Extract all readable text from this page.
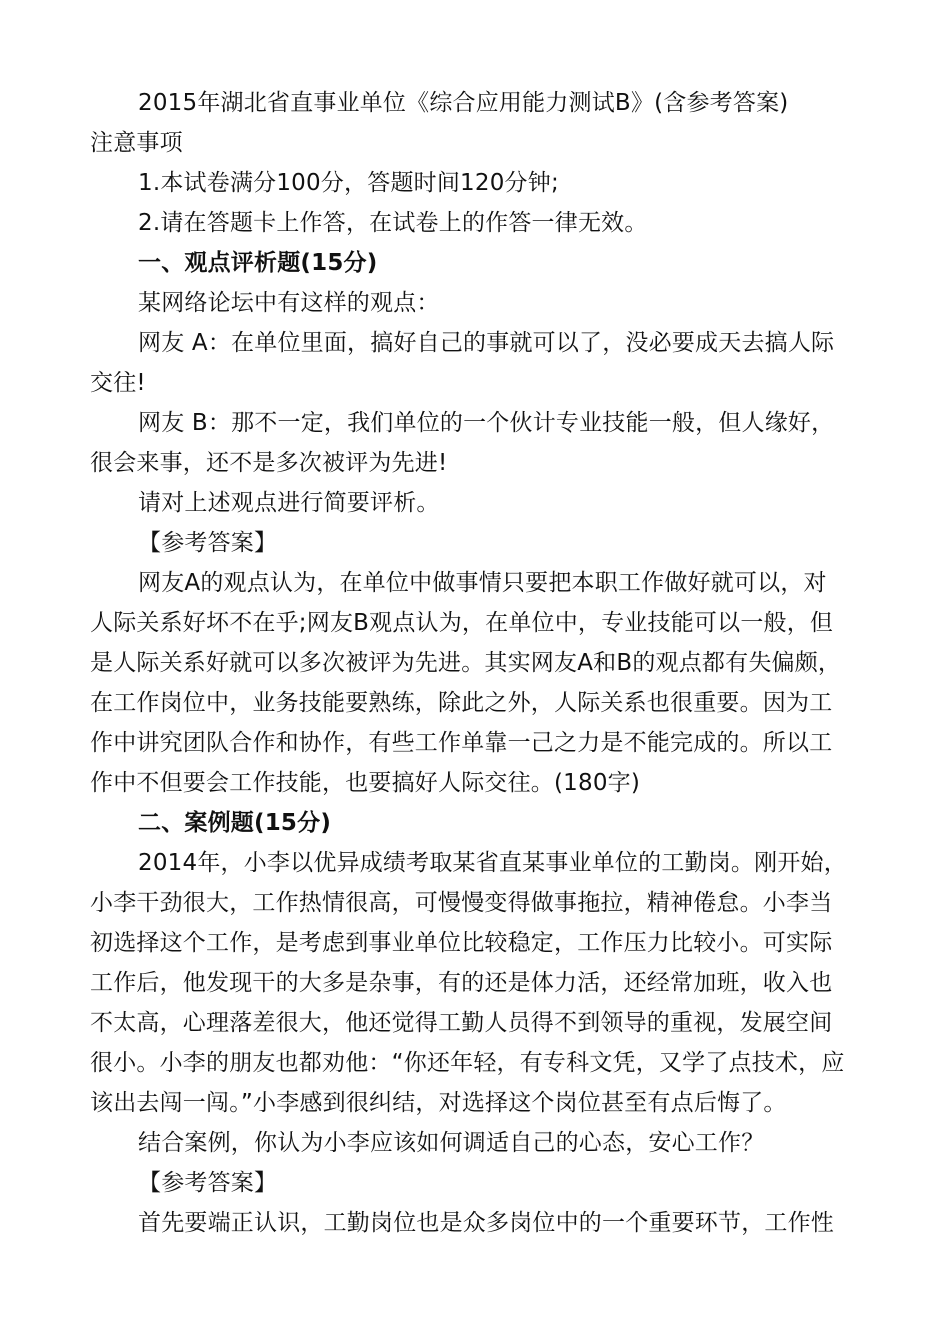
2015年湖北省直事业单位《综合应用能力测试B》(含参考答案)
注意事项
1.本试卷满分100分，答题时间120分钟;
2.请在答题卡上作答，在试卷上的作答一律无效。
一、观点评析题(15分)
某网络论坛中有这样的观点：
网友 A：在单位里面，搞好自己的事就可以了，没必要成天去搞人际
交往!
网友 B：那不一定，我们单位的一个伙计专业技能一般，但人缘好，
很会来事，还不是多次被评为先进!
请对上述观点进行简要评析。
【参考答案】
网友A的观点认为，在单位中做事情只要把本职工作做好就可以，对
人际关系好坏不在乎;网友B观点认为，在单位中，专业技能可以一般，但
是人际关系好就可以多次被评为先进。其实网友A和B的观点都有失偏颇，
在工作岗位中，业务技能要熟练，除此之外，人际关系也很重要。因为工
作中讲究团队合作和协作，有些工作单靠一己之力是不能完成的。所以工
作中不但要会工作技能，也要搞好人际交往。(180字)
二、案例题(15分)
2014年，小李以优异成绩考取某省直某事业单位的工勤岗。刚开始，
小李干劲很大，工作热情很高，可慢慢变得做事拖拉，精神倦怠。小李当
初选择这个工作，是考虑到事业单位比较稳定，工作压力比较小。可实际
工作后，他发现干的大多是杂事，有的还是体力活，还经常加班，收入也
不太高，心理落差很大，他还觉得工勤人员得不到领导的重视，发展空间
很小。小李的朋友也都劝他：“你还年轻，有专科文凭，又学了点技术，应
该出去闯一闯。”小李感到很纠结，对选择这个岗位甚至有点后悔了。
结合案例，你认为小李应该如何调适自己的心态，安心工作？
【参考答案】
首先要端正认识，工勤岗位也是众多岗位中的一个重要环节，工作性
